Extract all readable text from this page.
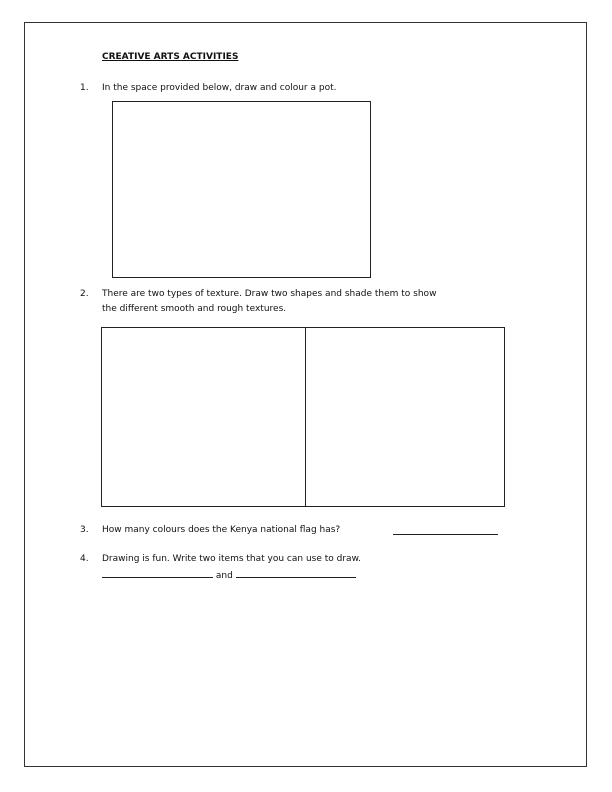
CREATIVE ARTS ACTIVITIES
1. In the space provided below, draw and colour a pot.
2. There are two types of texture. Draw two shapes and shade them to show
the different smooth and rough textures.
3. How many colours does the Kenya national flag has?
4. Drawing is fun. Write two items that you can use to draw.
and
